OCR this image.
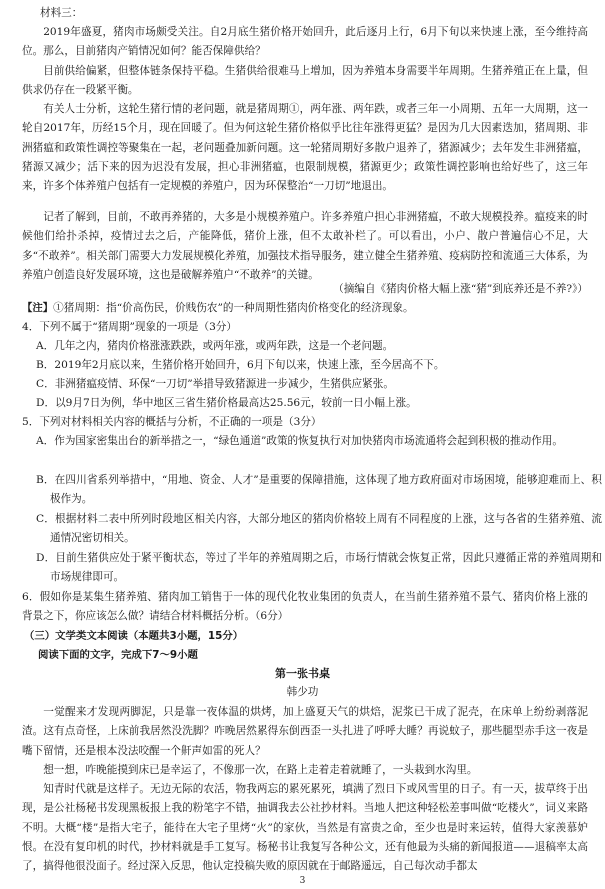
材料三：

2019年盛夏，猪肉市场颇受关注。自2月底生猪价格开始回升，此后逐月上行，6月下旬以来快速上涨，至今维持高位。那么，目前猪肉产销情况如何？能否保障供给？

目前供给偏紧，但整体链条保持平稳。生猪供给很难马上增加，因为养殖本身需要半年周期。生猪养殖正在上量，但供求仍存在一段紧平衡。

有关人士分析，这轮生猪行情的老问题，就是猪周期①，两年涨、两年跌，或者三年一小周期、五年一大周期，这一轮自2017年，历经15个月，现在回暖了。但为何这轮生猪价格似乎比往年涨得更猛？是因为几大因素迭加，猪周期、非洲猪瘟和政策性调控等聚集在一起，老问题叠加新问题。这一轮猪周期好多散户退养了，猪源减少；去年发生非洲猪瘟，猪源又减少；活下来的因为迟没有发展，担心非洲猪瘟，也限制规模，猪源更少；政策性调控影响也给好些了，这三年来，许多个体养殖户包括有一定规模的养殖户，因为环保整治“一刀切”地退出。

记者了解到，目前，不敢再养猪的，大多是小规模养殖户。许多养殖户担心非洲猪瘟，不敢大规模投养。瘟疫来的时候他们给扑杀掉，疫情过去之后，产能降低，猪价上涨，但不太敢补栏了。可以看出，小户、散户普遍信心不足，大多“不敢养”。相关部门需要大力发展规模化养殖，加强技术指导服务，建立健全生猪养殖、疫病防控和流通三大体系，为养殖户创造良好发展环境，这也是破解养殖户“不敢养”的关键。

（摘编自《猪肉价格大幅上涨“猪”到底养还是不养?》）

【注】①猪周期：指“价高伤民，价贱伤农”的一种周期性猪肉价格变化的经济现象。

4．下列不属于“猪周期”现象的一项是（3分）

A．几年之内，猪肉价格涨涨跌跌，或两年涨，或两年跌，这是一个老问题。

B．2019年2月底以来，生猪价格开始回升，6月下旬以来，快速上涨，至今居高不下。

C．非洲猪瘟疫情、环保“一刀切”举措导致猪源进一步减少，生猪供应紧张。

D．以9月7日为例，华中地区三省生猪价格最高达25.56元，较前一日小幅上涨。

5．下列对材料相关内容的概括与分析，不正确的一项是（3分）

A．作为国家密集出台的新举措之一，“绿色通道”政策的恢复执行对加快猪肉市场流通将会起到积极的推动作用。

B．在四川省系列举措中，“用地、资金、人才”是重要的保障措施，这体现了地方政府面对市场困境，能够迎难而上、积极作为。

C．根据材料二表中所列时段地区相关内容，大部分地区的猪肉价格较上周有不同程度的上涨，这与各省的生猪养殖、流通情况密切相关。

D．目前生猪供应处于紧平衡状态，等过了半年的养殖周期之后，市场行情就会恢复正常，因此只遵循正常的养殖周期和市场规律即可。

6．假如你是某集生猪养殖、猪肉加工销售于一体的现代化牧业集团的负责人，在当前生猪养殖不景气、猪肉价格上涨的背景之下，你应该怎么做？请结合材料概括分析。（6分）

（三）文学类文本阅读（本题共3小题，15分）

阅读下面的文字，完成下7～9小题

第一张书桌

韩少功

一觉醒来才发现两脚泥，只是靠一夜体温的烘烤，加上盛夏天气的烘焙，泥浆已干成了泥壳，在床单上纷纷剥落泥渣。这有点奇怪，上床前我居然没洗脚？咋晚居然累得东倒西歪一头扎进了呼呼大睡？再说蚊子，那些腿型赤手这一夜是嘴下留情，还是根本没法咬醒一个鼾声如雷的死人？

想一想，咋晚能摸到床已是幸运了，不像那一次，在路上走着走着就睡了，一头栽到水沟里。

知青时代就是这样子。无边无际的农活，物我两忘的累死累死，填满了烈日下或风雪里的日子。有一天，拔草终于出现，是公社杨秘书发现黑板报上我的粉笔字不错，抽调我去公社抄材料。当地人把这种轻松差事叫做“吃楼火”，词义来路不明。大概“楼”是指大宅子，能待在大宅子里烤“火”的家伙，当然是有富贵之命，至少也是时来运转，值得大家羡慕妒恨。 在没有复印机的时代，抄材料就是手工复写。杨秘书让我复写各种公文，还有他最为头痛的新闻报道——退稿率太高了，搞得他很没面子。经过深入反思，他认定投稿失败的原因就在于邮路遥远，自己每次动手都太

3
